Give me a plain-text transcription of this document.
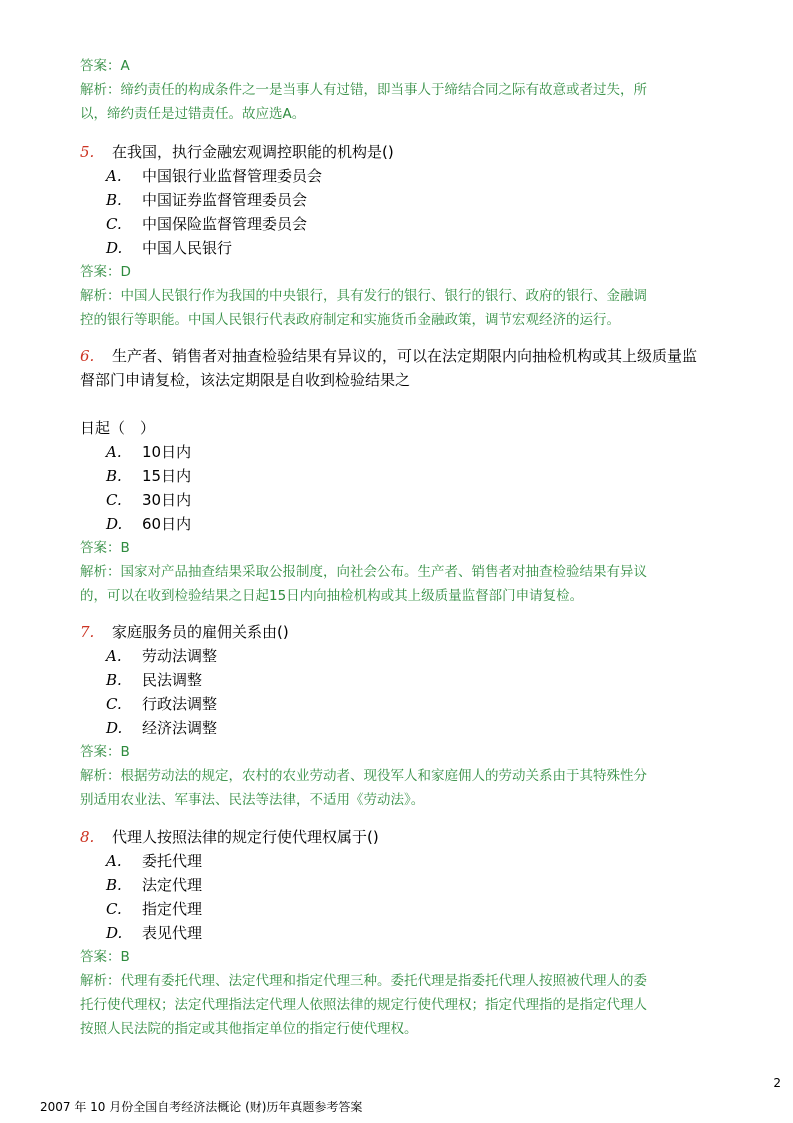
答案：A
解析：缔约责任的构成条件之一是当事人有过错，即当事人于缔结合同之际有故意或者过失，所
以，缔约责任是过错责任。故应选A。
5. 在我国，执行金融宏观调控职能的机构是()
A. 中国银行业监督管理委员会
B. 中国证券监督管理委员会
C. 中国保险监督管理委员会
D. 中国人民银行
答案：D
解析：中国人民银行作为我国的中央银行，具有发行的银行、银行的银行、政府的银行、金融调
控的银行等职能。中国人民银行代表政府制定和实施货币金融政策，调节宏观经济的运行。
6. 生产者、销售者对抽查检验结果有异议的，可以在法定期限内向抽检机构或其上级质量监
督部门申请复检，该法定期限是自收到检验结果之
日起（　）
A. 10日内
B. 15日内
C. 30日内
D. 60日内
答案：B
解析：国家对产品抽查结果采取公报制度，向社会公布。生产者、销售者对抽查检验结果有异议
的，可以在收到检验结果之日起15日内向抽检机构或其上级质量监督部门申请复检。
7. 家庭服务员的雇佣关系由()
A. 劳动法调整
B. 民法调整
C. 行政法调整
D. 经济法调整
答案：B
解析：根据劳动法的规定，农村的农业劳动者、现役军人和家庭佣人的劳动关系由于其特殊性分
别适用农业法、军事法、民法等法律，不适用《劳动法》。
8. 代理人按照法律的规定行使代理权属于()
A. 委托代理
B. 法定代理
C. 指定代理
D. 表见代理
答案：B
解析：代理有委托代理、法定代理和指定代理三种。委托代理是指委托代理人按照被代理人的委
托行使代理权；法定代理指法定代理人依照法律的规定行使代理权；指定代理指的是指定代理人
按照人民法院的指定或其他指定单位的指定行使代理权。
2
2007 年 10 月份全国自考经济法概论 (财)历年真题参考答案
